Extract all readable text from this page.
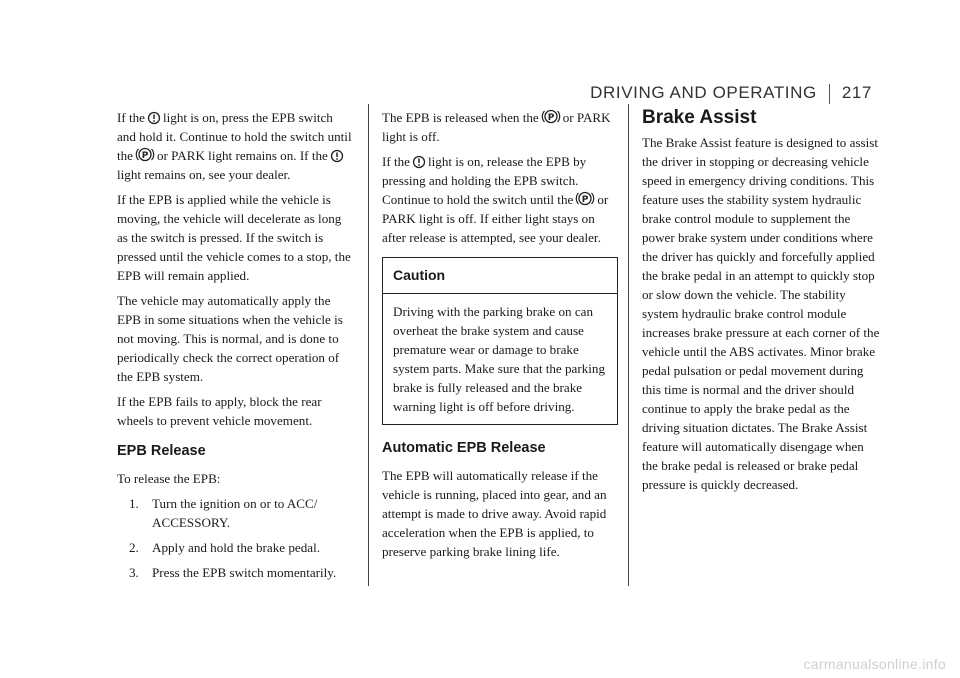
DRIVING AND OPERATING 217

If the light is on, press the EPB switch and hold it. Continue to hold the switch until the P or PARK light remains on. If the
light remains on, see your dealer.

If the EPB is applied while the vehicle is moving, the vehicle will decelerate as long as the switch is pressed. If the switch is pressed until the vehicle comes to a stop, the EPB will remain applied.

The vehicle may automatically apply the EPB in some situations when the vehicle is not moving. This is normal, and is done to periodically check the correct operation of the EPB system.

If the EPB fails to apply, block the rear wheels to prevent vehicle movement.

EPB Release

To release the EPB:

1. Turn the ignition on or to ACC/ ACCESSORY.
2. Apply and hold the brake pedal.
3. Press the EPB switch momentarily.

The EPB is released when the P or PARK light is off.

If the light is on, release the EPB by pressing and holding the EPB switch. Continue to hold the switch until the P or PARK light is off. If either light stays on after release is attempted, see your dealer.

Caution
Driving with the parking brake on can overheat the brake system and cause premature wear or damage to brake system parts. Make sure that the parking brake is fully released and the brake warning light is off before driving.
Automatic EPB Release

The EPB will automatically release if the vehicle is running, placed into gear, and an attempt is made to drive away. Avoid rapid acceleration when the EPB is applied, to preserve parking brake lining life.

Brake Assist

The Brake Assist feature is designed to assist the driver in stopping or decreasing vehicle speed in emergency driving conditions. This feature uses the stability system hydraulic brake control module to supplement the power brake system under conditions where the driver has quickly and forcefully applied the brake pedal in an attempt to quickly stop or slow down the vehicle. The stability system hydraulic brake control module increases brake pressure at each corner of the vehicle until the ABS activates. Minor brake pedal pulsation or pedal movement during this time is normal and the driver should continue to apply the brake pedal as the driving situation dictates. The Brake Assist feature will automatically disengage when the brake pedal is released or brake pedal pressure is quickly decreased.

carmanualsonline.info
